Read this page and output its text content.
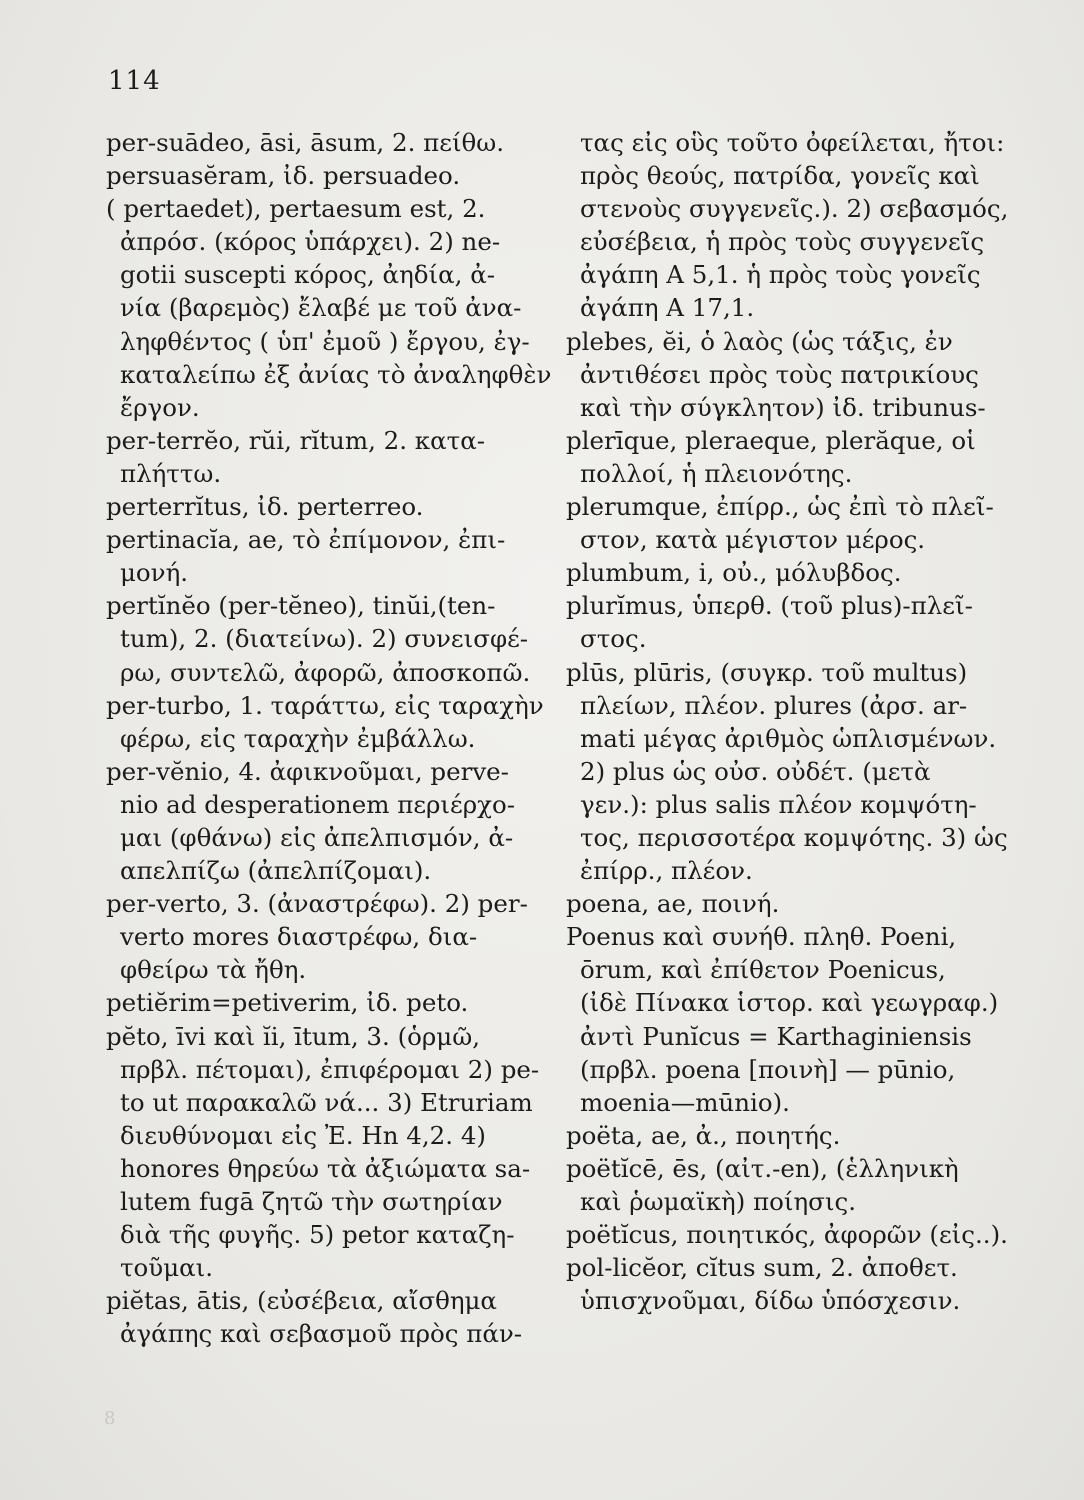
114
per-suādeo, āsi, āsum, 2. πείθω.
persuasĕram, ἰδ. persuadeo.
( pertaedet), pertaesum est, 2.
ἀπρόσ. (κόρος ὑπάρχει). 2) ne-
gotii suscepti κόρος, ἀηδία, ἀ-
νία (βαρεμὸς) ἔλαβέ με τοῦ ἀνα-
ληφθέντος ( ὑπ' ἐμοῦ ) ἔργου, ἐγ-
καταλείπω ἐξ ἀνίας τὸ ἀναληφθὲν
ἔργον.
per-terrĕo, rŭi, rĭtum, 2. κατα-
πλήττω.
perterrĭtus, ἰδ. perterreo.
pertinacĭa, ae, τὸ ἐπίμονον, ἐπι-
μονή.
pertĭnĕo (per-tĕneo), tinŭi,(ten-
tum), 2. (διατείνω). 2) συνεισφέ-
ρω, συντελῶ, ἀφορῶ, ἀποσκοπῶ.
per-turbo, 1. ταράττω, εἰς ταραχὴν
φέρω, εἰς ταραχὴν ἐμβάλλω.
per-vĕnio, 4. ἀφικνοῦμαι, perve-
nio ad desperationem περιέρχο-
μαι (φθάνω) εἰς ἀπελπισμόν, ἀ-
απελπίζω (ἀπελπίζομαι).
per-verto, 3. (ἀναστρέφω). 2) per-
verto mores διαστρέφω, δια-
φθείρω τὰ ἤθη.
petiĕrim=petiverim, ἰδ. peto.
pĕto, īvi καὶ ĭi, ītum, 3. (ὁρμῶ,
πρβλ. πέτομαι), ἐπιφέρομαι 2) pe-
to ut παρακαλῶ νά... 3) Etruriam
διευθύνομαι εἰς Ἐ. Hn 4,2. 4)
honores θηρεύω τὰ ἀξιώματα sa-
lutem fugā ζητῶ τὴν σωτηρίαν
διὰ τῆς φυγῆς. 5) petor καταζη-
τοῦμαι.
piĕtas, ātis, (εὐσέβεια, αἴσθημα
ἀγάπης καὶ σεβασμοῦ πρὸς πάν-
τας εἰς οὓς τοῦτο ὀφείλεται, ἤτοι:
πρὸς θεούς, πατρίδα, γονεῖς καὶ
στενοὺς συγγενεῖς.). 2) σεβασμός,
εὐσέβεια, ἡ πρὸς τοὺς συγγενεῖς
ἀγάπη Α 5,1. ἡ πρὸς τοὺς γονεῖς
ἀγάπη Α 17,1.
plebes, ĕi, ὁ λαὸς (ὡς τάξις, ἐν
ἀντιθέσει πρὸς τοὺς πατρικίους
καὶ τὴν σύγκλητον) ἰδ. tribunus-
plerīque, pleraeque, plerăque, οἱ
πολλοί, ἡ πλειονότης.
plerumque, ἐπίρρ., ὡς ἐπὶ τὸ πλεῖ-
στον, κατὰ μέγιστον μέρος.
plumbum, i, οὐ., μόλυβδος.
plurĭmus, ὑπερθ. (τοῦ plus)-πλεῖ-
στος.
plūs, plūris, (συγκρ. τοῦ multus)
πλείων, πλέον. plures (ἀρσ. ar-
mati μέγας ἀριθμὸς ὡπλισμένων.
2) plus ὡς οὐσ. οὐδέτ. (μετὰ
γεν.): plus salis πλέον κομψότη-
τος, περισσοτέρα κομψότης. 3) ὡς
ἐπίρρ., πλέον.
poena, ae, ποινή.
Poenus καὶ συνήθ. πληθ. Poeni,
ōrum, καὶ ἐπίθετον Poenicus,
(ἰδὲ Πίνακα ἱστορ. καὶ γεωγραφ.)
ἀντὶ Punĭcus = Karthaginiensis
(πρβλ. poena [ποινὴ] — pūnio,
moenia—mūnio).
poëta, ae, ἀ., ποιητής.
poëtĭcē, ēs, (αἰτ.-en), (ἑλληνικὴ
καὶ ῥωμαϊκὴ) ποίησις.
poëtĭcus, ποιητικός, ἀφορῶν (εἰς..).
pol-licĕor, cĭtus sum, 2. ἀποθετ.
ὑπισχνοῦμαι, δίδω ὑπόσχεσιν.
8
